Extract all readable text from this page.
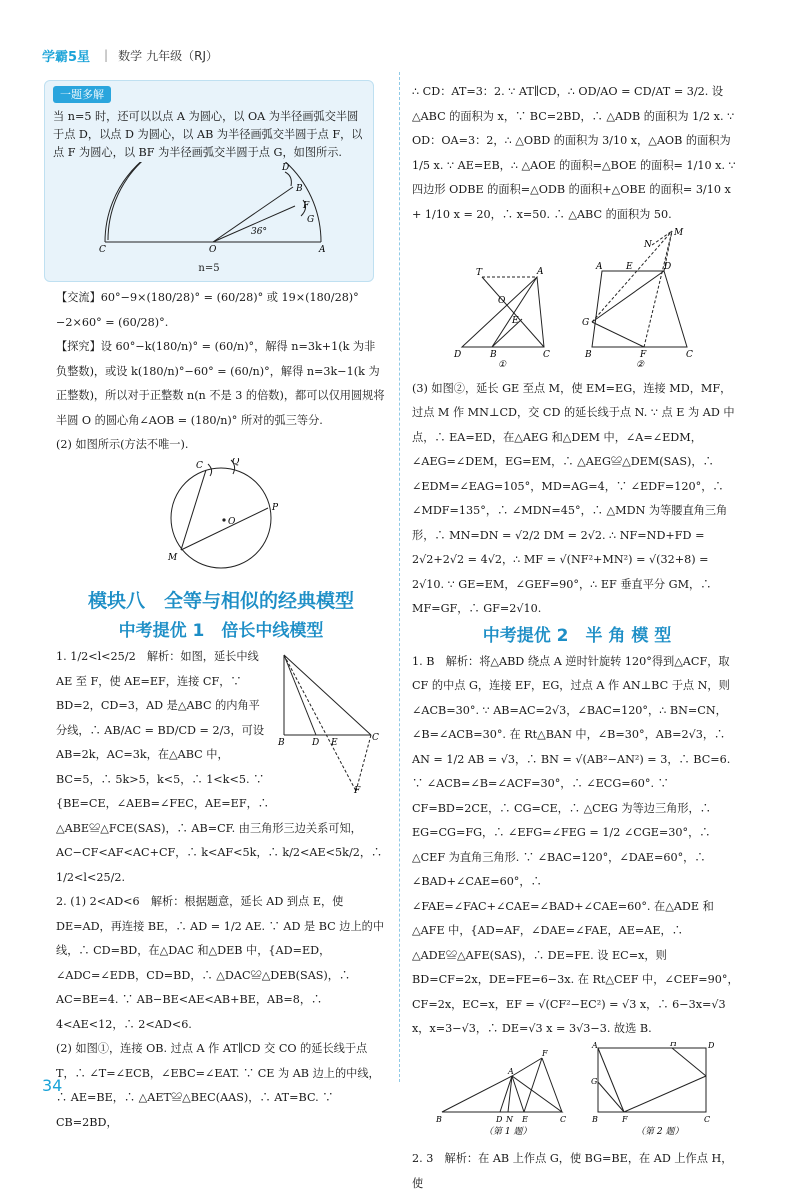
学霸5星 | 数学 九年级（RJ）
一题多解

当 n=5 时，还可以以点 A 为圆心，以 OA 为半径画弧交半圆于点 D，以点 D 为圆心，以 AB 为半径画弧交半圆于点 F，以点 F 为圆心，以 BF 为半径画弧交半圆于点 G，如图所示.

C	O	A
D
B
F
G
36°
n=5

【交流】60°−9×(180/28)° = (60/28)° 或 19×(180/28)°−2×60° = (60/28)°.

【探究】设 60°−k(180/n)° = (60/n)°，解得 n=3k+1(k 为非负整数)，或设 k(180/n)°−60° = (60/n)°，解得 n=3k−1(k 为正整数)，所以对于正整数 n(n 不是 3 的倍数)，都可以仅用圆规将半圆 O 的圆心角∠AOB = (180/n)° 所对的弧三等分.

(2) 如图所示(方法不唯一).

C	Q
O
P
M
模块八　全等与相似的经典模型
中考提优 1　倍长中线模型
B	D E	C
F

1. 1/2<l<25/2　解析：如图，延长中线 AE 至 F，使 AE=EF，连接 CF，∵ BD=2，CD=3，AD 是△ABC 的内角平分线，∴ AB/AC = BD/CD = 2/3，可设 AB=2k，AC=3k，在△ABC 中，BC=5，∴ 5k>5，k<5，∴ 1<k<5. ∵ {BE=CE，∠AEB=∠FEC，AE=EF，∴ △ABE≌△FCE(SAS)，∴ AB=CF. 由三角形三边关系可知，AC−CF<AF<AC+CF，∴ k<AF<5k，∴ k/2<AE<5k/2，∴ 1/2<l<25/2.

2. (1) 2<AD<6　解析：根据题意，延长 AD 到点 E，使 DE=AD，再连接 BE，∴ AD = 1/2 AE. ∵ AD 是 BC 边上的中线，∴ CD=BD，在△DAC 和△DEB 中，{AD=ED，∠ADC=∠EDB，CD=BD，∴ △DAC≌△DEB(SAS)，∴ AC=BE=4. ∵ AB−BE<AE<AB+BE，AB=8，∴ 4<AE<12，∴ 2<AD<6.

(2) 如图①，连接 OB. 过点 A 作 AT∥CD 交 CO 的延长线于点 T，∴ ∠T=∠ECB，∠EBC=∠EAT. ∵ CE 为 AB 边上的中线，∴ AE=BE，∴ △AET≌△BEC(AAS)，∴ AT=BC. ∵ CB=2BD，

∴ CD：AT=3：2. ∵ AT∥CD，∴ OD/AO = CD/AT = 3/2. 设△ABC 的面积为 x，∵ BC=2BD，∴ △ADB 的面积为 1/2 x. ∵ OD：OA=3：2，∴ △OBD 的面积为 3/10 x，△AOB 的面积为 1/5 x. ∵ AE=EB，∴ △AOE 的面积=△BOE 的面积= 1/10 x. ∵ 四边形 ODBE 的面积=△ODB 的面积+△OBE 的面积= 3/10 x + 1/10 x = 20，∴ x=50. ∴ △ABC 的面积为 50.

T	A
D	B	C
O
E
①
A	E	D
M
N
G
B	F	C
②

(3) 如图②，延长 GE 至点 M，使 EM=EG，连接 MD，MF，过点 M 作 MN⊥CD，交 CD 的延长线于点 N. ∵ 点 E 为 AD 中点，∴ EA=ED，在△AEG 和△DEM 中，∠A=∠EDM，∠AEG=∠DEM，EG=EM，∴ △AEG≌△DEM(SAS)，∴ ∠EDM=∠EAG=105°，MD=AG=4，∵ ∠EDF=120°，∴ ∠MDF=135°，∴ ∠MDN=45°，∴ △MDN 为等腰直角三角形，∴ MN=DN = √2/2 DM = 2√2. ∴ NF=ND+FD = 2√2+2√2 = 4√2，∴ MF = √(NF²+MN²) = √(32+8) = 2√10. ∵ GE=EM，∠GEF=90°，∴ EF 垂直平分 GM，∴ MF=GF，∴ GF=2√10.

中考提优 2　半 角 模 型

1. B　解析：将△ABD 绕点 A 逆时针旋转 120°得到△ACF，取 CF 的中点 G，连接 EF，EG，过点 A 作 AN⊥BC 于点 N，则 ∠ACB=30°. ∵ AB=AC=2√3，∠BAC=120°，∴ BN=CN，∠B=∠ACB=30°. 在 Rt△BAN 中，∠B=30°，AB=2√3，∴ AN = 1/2 AB = √3，∴ BN = √(AB²−AN²) = 3，∴ BC=6. ∵ ∠ACB=∠B=∠ACF=30°，∴ ∠ECG=60°. ∵ CF=BD=2CE，∴ CG=CE，∴ △CEG 为等边三角形，∴ EG=CG=FG，∴ ∠EFG=∠FEG = 1/2 ∠CGE=30°，∴ △CEF 为直角三角形. ∵ ∠BAC=120°，∠DAE=60°，∴ ∠BAD+∠CAE=60°，∴ ∠FAE=∠FAC+∠CAE=∠BAD+∠CAE=60°. 在△ADE 和△AFE 中，{AD=AF，∠DAE=∠FAE，AE=AE，∴ △ADE≌△AFE(SAS)，∴ DE=FE. 设 EC=x，则 BD=CF=2x，DE=FE=6−3x. 在 Rt△CEF 中，∠CEF=90°，CF=2x，EC=x，EF = √(CF²−EC²) = √3 x，∴ 6−3x=√3 x，x=3−√3，∴ DE=√3 x = 3√3−3. 故选 B.

B
A
D N E	C
F
（第 1 题）
A	H	D
G
B	F	C
（第 2 题）

2. 3　解析：在 AB 上作点 G，使 BG=BE，在 AD 上作点 H，使

34
